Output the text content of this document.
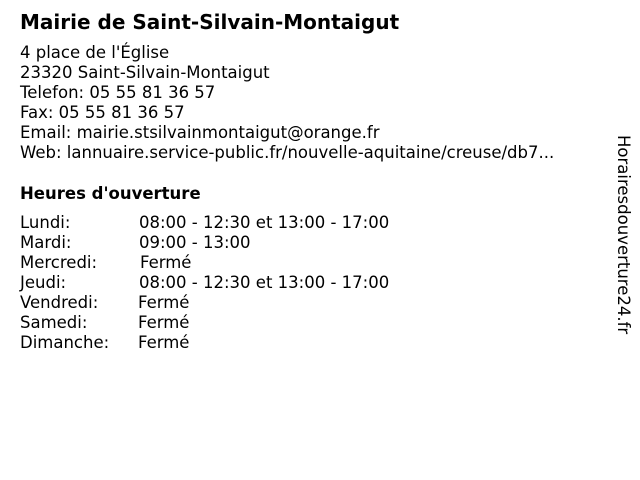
Mairie de Saint-Silvain-Montaigut
4 place de l'Église
23320 Saint-Silvain-Montaigut
Telefon: 05 55 81 36 57
Fax: 05 55 81 36 57
Email: mairie.stsilvainmontaigut@orange.fr
Web: lannuaire.service-public.fr/nouvelle-aquitaine/creuse/db7...
Heures d'ouverture
Lundi:	08:00 - 12:30 et 13:00 - 17:00
Mardi:	09:00 - 13:00
Mercredi:	Fermé
Jeudi:	08:00 - 12:30 et 13:00 - 17:00
Vendredi: Fermé
Samedi:	Fermé
Dimanche: Fermé
Horairesdouverture24.fr
